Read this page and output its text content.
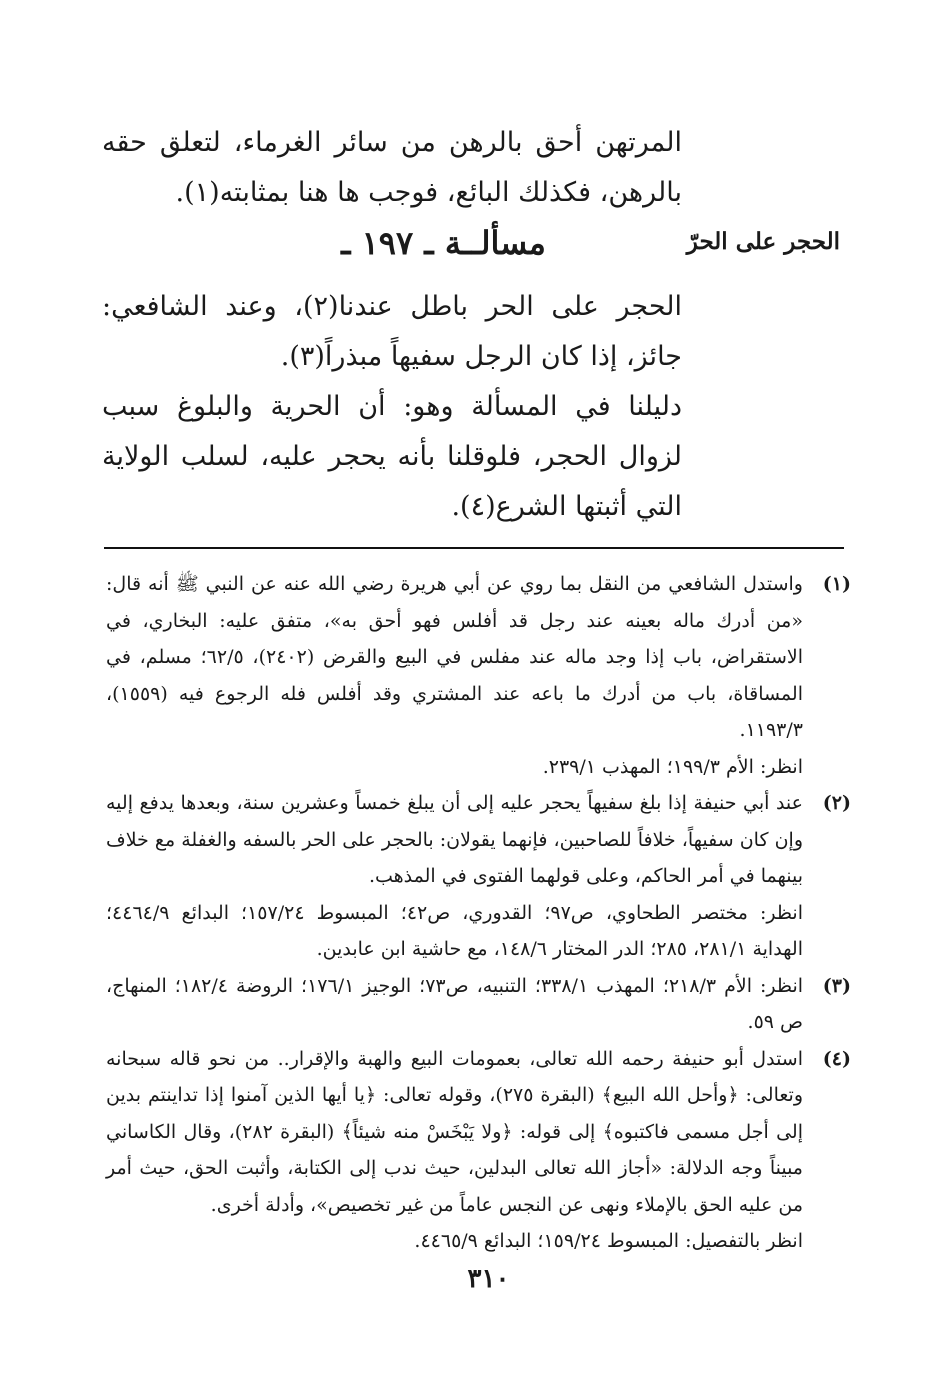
المرتهن أحق بالرهن من سائر الغرماء، لتعلق حقه بالرهن، فكذلك البائع، فوجب ها هنا بمثابته(١).

الحجر على الحرّ
مسألــة ـ ١٩٧ ـ

الحجر على الحر باطل عندنا(٢)، وعند الشافعي: جائز، إذا كان الرجل سفيهاً مبذراً(٣).

دليلنا في المسألة وهو: أن الحرية والبلوغ سبب لزوال الحجر، فلوقلنا بأنه يحجر عليه، لسلب الولاية التي أثبتها الشرع(٤).

(١)
واستدل الشافعي من النقل بما روي عن أبي هريرة رضي الله عنه عن النبي ﷺ أنه قال: «من أدرك ماله بعينه عند رجل قد أفلس فهو أحق به»، متفق عليه: البخاري، في الاستقراض، باب إذا وجد ماله عند مفلس في البيع والقرض (٢٤٠٢)، ٦٢/٥؛ مسلم، في المساقاة، باب من أدرك ما باعه عند المشتري وقد أفلس فله الرجوع فيه (١٥٥٩)، ١١٩٣/٣.
انظر: الأم ١٩٩/٣؛ المهذب ٢٣٩/١.
(٢)
عند أبي حنيفة إذا بلغ سفيهاً يحجر عليه إلى أن يبلغ خمساً وعشرين سنة، وبعدها يدفع إليه وإن كان سفيهاً، خلافاً للصاحبين، فإنهما يقولان: بالحجر على الحر بالسفه والغفلة مع خلاف بينهما في أمر الحاكم، وعلى قولهما الفتوى في المذهب.
انظر: مختصر الطحاوي، ص٩٧؛ القدوري، ص٤٢؛ المبسوط ١٥٧/٢٤؛ البدائع ٤٤٦٤/٩؛ الهداية ٢٨١/١، ٢٨٥؛ الدر المختار ١٤٨/٦، مع حاشية ابن عابدين.
(٣)
انظر: الأم ٢١٨/٣؛ المهذب ٣٣٨/١؛ التنبيه، ص٧٣؛ الوجيز ١٧٦/١؛ الروضة ١٨٢/٤؛ المنهاج، ص ٥٩.
(٤)
استدل أبو حنيفة رحمه الله تعالى، بعمومات البيع والهبة والإقرار.. من نحو قاله سبحانه وتعالى: ﴿وأحل الله البيع﴾ (البقرة ٢٧٥)، وقوله تعالى: ﴿يا أيها الذين آمنوا إذا تداينتم بدين إلى أجل مسمى فاكتبوه﴾ إلى قوله: ﴿ولا يَبْخَسْ منه شيئاً﴾ (البقرة ٢٨٢)، وقال الكاساني مبيناً وجه الدلالة: «أجاز الله تعالى البدلين، حيث ندب إلى الكتابة، وأثبت الحق، حيث أمر من عليه الحق بالإملاء ونهى عن النجس عاماً من غير تخصيص»، وأدلة أخرى.
انظر بالتفصيل: المبسوط ١٥٩/٢٤؛ البدائع ٤٤٦٥/٩.
٣١٠
